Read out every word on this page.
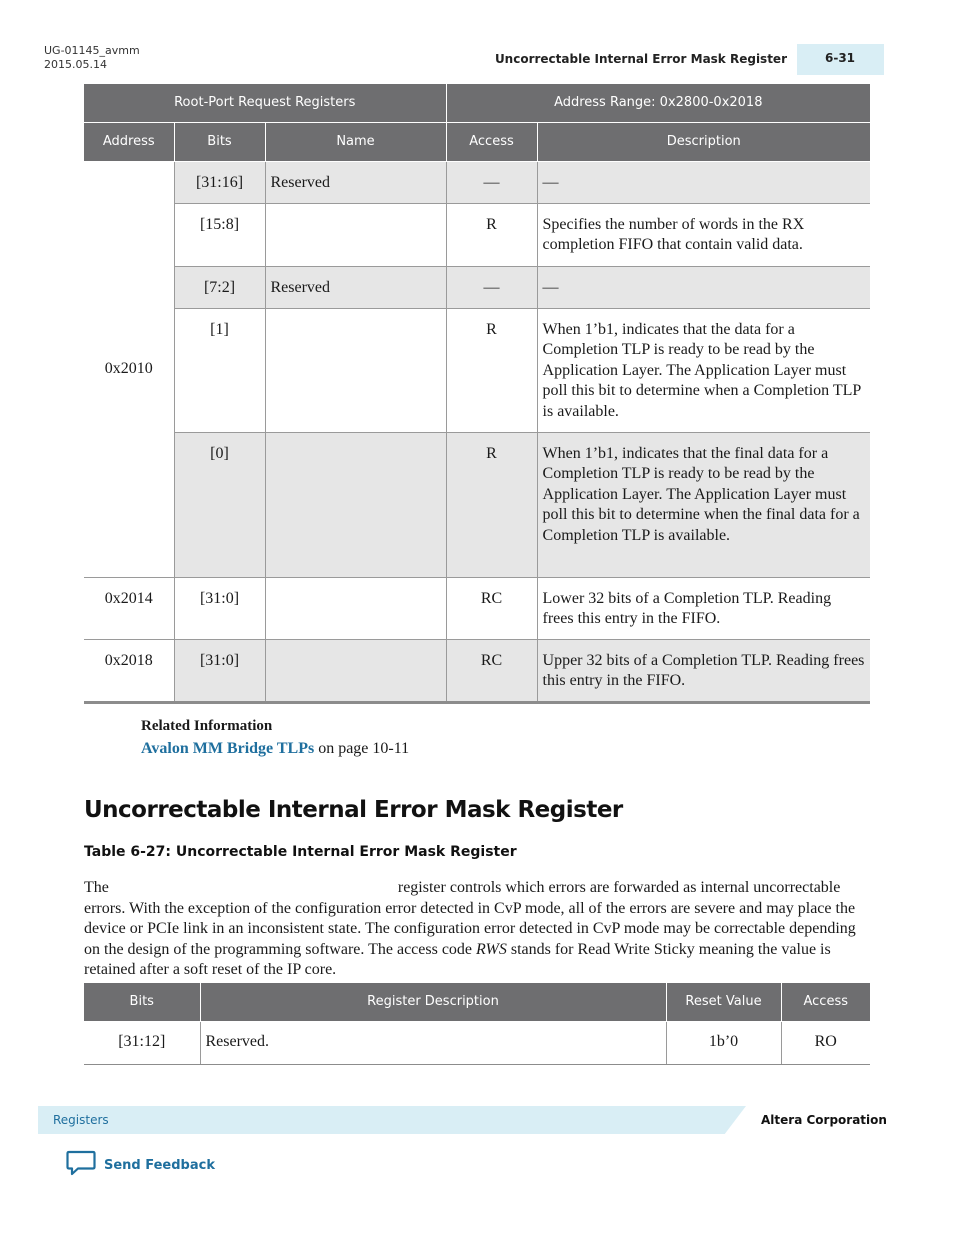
UG-01145_avmm
2015.05.14	Uncorrectable Internal Error Mask Register	6-31
Root-Port Request Registers			Address Range: 0x2800-0x2018	
Address	Bits	Name	Access	Description
0x2010	[31:16]	Reserved	—	—
	[15:8]		R	Specifies the number of words in the RX completion FIFO that contain valid data.
	[7:2]	Reserved	—	—
	[1]		R	When 1’b1, indicates that the data for a Completion TLP is ready to be read by the Application Layer. The Application Layer must poll this bit to determine when a Completion TLP is available.
	[0]		R	When 1’b1, indicates that the final data for a Completion TLP is ready to be read by the Application Layer. The Application Layer must poll this bit to determine when the final data for a Completion TLP is available.
0x2014	[31:0]		RC	Lower 32 bits of a Completion TLP. Reading frees this entry in the FIFO.
0x2018	[31:0]		RC	Upper 32 bits of a Completion TLP. Reading frees this entry in the FIFO.
Related Information
Avalon MM Bridge TLPs on page 10-11
Uncorrectable Internal Error Mask Register
Table 6-27: Uncorrectable Internal Error Mask Register
The	register controls which errors are forwarded as internal uncorrectable errors. With the exception of the configuration error detected in CvP mode, all of the errors are severe and may place the device or PCIe link in an inconsistent state. The configuration error detected in CvP mode may be correctable depending on the design of the programming software. The access code RWS stands for Read Write Sticky meaning the value is retained after a soft reset of the IP core.
Bits	Register Description	Reset Value	Access
[31:12]	Reserved.	1b’0	RO
Registers	Altera Corporation
Send Feedback
